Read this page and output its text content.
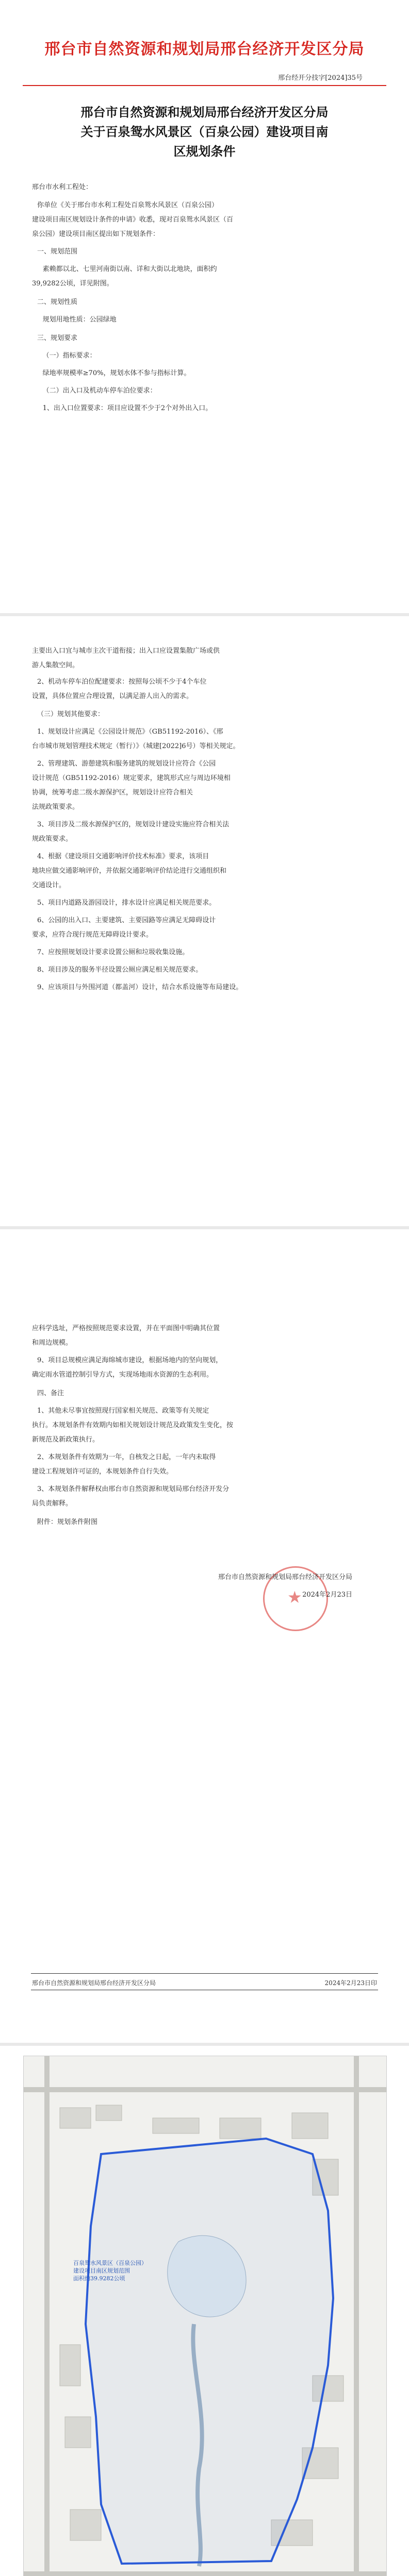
邢台市自然资源和规划局邢台经济开发区分局
邢台经开分技字[2024]35号
邢台市自然资源和规划局邢台经济开发区分局
关于百泉鸳水风景区（百泉公园）建设项目南
区规划条件
邢台市水利工程处：
你单位《关于邢台市水利工程处百泉鸳水风景区（百泉公园）
建设项目南区规划设计条件的申请》收悉，现对百泉鸳水风景区（百
泉公园）建设项目南区提出如下规划条件：
一、规划范围
素赖都以北、七里河南街以南、详和大街以北地块，面积约
39,9282公顷，详见附图。
二、规划性质
规划用地性质：公园绿地
三、规划要求
（一）指标要求：
绿地率规模率≥70%，规划水体不参与指标计算。
（二）出入口及机动车停车泊位要求：
1、出入口位置要求：项目应设置不少于2个对外出入口。
主要出入口宜与城市主次干道衔接；出入口应设置集散广场或供
游人集散空间。
2、机动车停车泊位配建要求：按照每公顷不少于4个车位
设置，具体位置应合理设置，以满足游人出入的需求。
（三）规划其他要求：
1、规划设计应满足《公园设计规范》（GB51192-2016）、《邢
台市城市规划管理技术规定（暂行）》（城建[2022]6号）等相关规定。
2、管理建筑、游憩建筑和服务建筑的规划设计应符合《公园
设计规范（GB51192-2016）规定要求，建筑形式应与周边环境相
协调，统筹考虑二级水源保护区，规划设计应符合相关
法规政策要求。
3、项目涉及二级水源保护区的，规划设计建设实施应符合相关法
规政策要求。
4、根据《建设项目交通影响评价技术标准》要求，该项目
地块应做交通影响评价，并依据交通影响评价结论进行交通组织和
交通设计。
5、项目内道路及游园设计，排水设计应满足相关规范要求。
6、公园的出入口、主要建筑、主要园路等应满足无障碍设计
要求，应符合现行规范无障碍设计要求。
7、应按照规划设计要求设置公厕和垃圾收集设施。
8、项目涉及的服务半径设置公厕应满足相关规范要求。
9、应该项目与外围河道（都盖河）设计，结合水系设施等布局建设。
应科学选址，严格按照规范要求设置，并在平面图中明确其位置
和周边规模。
9、项目总规模应满足海绵城市建设，根据场地内的坚向规划，
确定雨水管道控制引导方式，实现场地雨水资源的生态利用。
四、备注
1、其他未尽事宜按照现行国家相关规范、政策等有关规定
执行。本规划条件有效期内如相关规划设计规范及政策发生变化，按
新规范及新政策执行。
2、本规划条件有效期为一年，自核发之日起，一年内未取得
建设工程规划许可证的，本规划条件自行失效。
3、本规划条件解释权由邢台市自然资源和规划局邢台经济开发分
局负责解释。
附件：规划条件附图
★
邢台市自然资源和规划局邢台经济开发区分局
2024年2月23日
邢台市自然资源和规划局邢台经济开发区分局	2024年2月23日印
百泉鸳水风景区（百泉公园）
建设项目南区规划范围
面积约39.9282公顷
